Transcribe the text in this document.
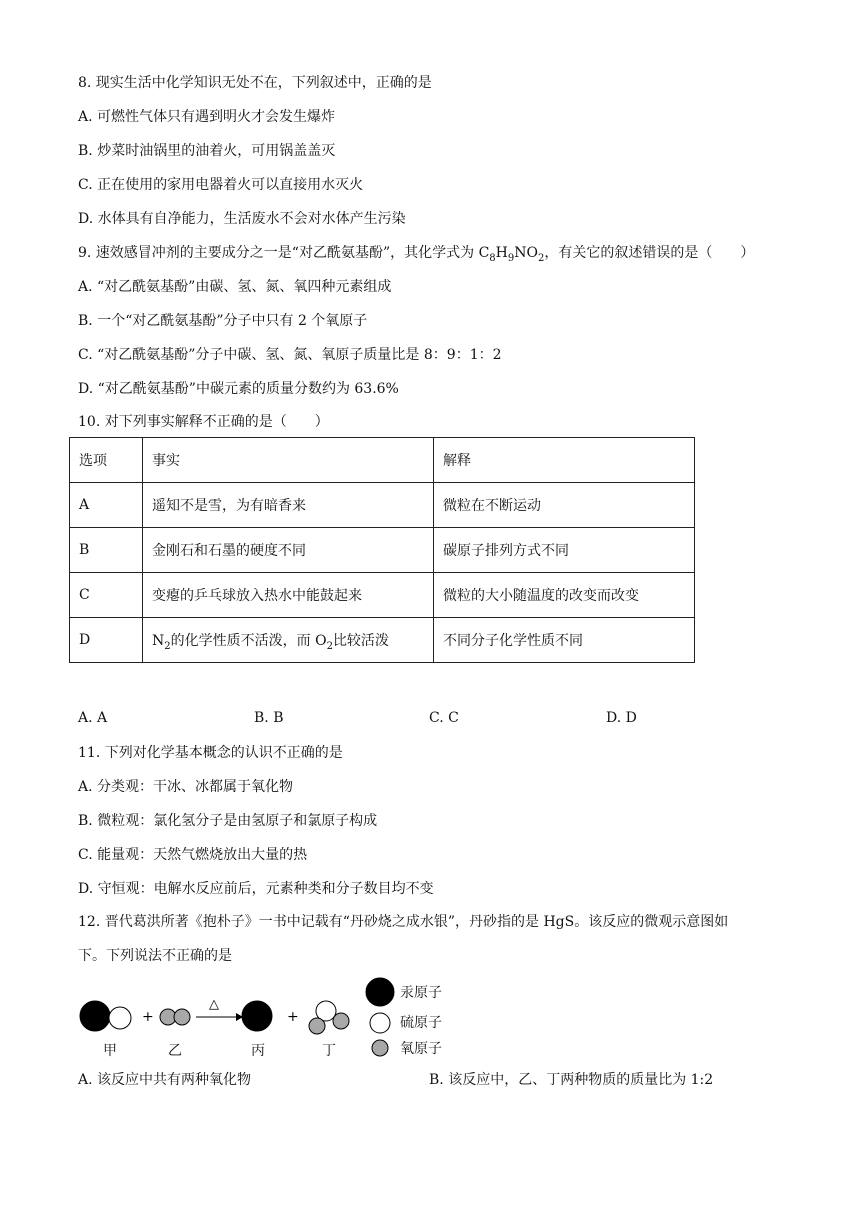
8. 现实生活中化学知识无处不在，下列叙述中，正确的是
A. 可燃性气体只有遇到明火才会发生爆炸
B. 炒菜时油锅里的油着火，可用锅盖盖灭
C. 正在使用的家用电器着火可以直接用水灭火
D. 水体具有自净能力，生活废水不会对水体产生污染
9. 速效感冒冲剂的主要成分之一是“对乙酰氨基酚”，其化学式为 $C_8H_9NO_2$，有关它的叙述错误的是（　　）
A. “对乙酰氨基酚”由碳、氢、氮、氧四种元素组成
B. 一个“对乙酰氨基酚”分子中只有 2 个氧原子
C. “对乙酰氨基酚”分子中碳、氢、氮、氧原子质量比是 8：9：1：2
D. “对乙酰氨基酚”中碳元素的质量分数约为 63.6%
10. 对下列事实解释不正确的是（　　）
选项	事实	解释
A	遥知不是雪，为有暗香来	微粒在不断运动
B	金刚石和石墨的硬度不同	碳原子排列方式不同
C	变瘪的乒乓球放入热水中能鼓起来	微粒的大小随温度的改变而改变
D	$N_2$的化学性质不活泼，而 $O_2$比较活泼	不同分子化学性质不同
A. A	B. B	C. C	D. D
11. 下列对化学基本概念的认识不正确的是
A. 分类观：干冰、冰都属于氧化物
B. 微粒观：氯化氢分子是由氢原子和氯原子构成
C. 能量观：天然气燃烧放出大量的热
D. 守恒观：电解水反应前后，元素种类和分子数目均不变
12. 晋代葛洪所著《抱朴子》一书中记载有“丹砂烧之成水银”，丹砂指的是 HgS。该反应的微观示意图如
下。下列说法不正确的是
+
△
+
汞原子
硫原子
氧原子
甲	乙	丙	丁
A. 该反应中共有两种氧化物	B. 该反应中，乙、丁两种物质的质量比为 1:2
